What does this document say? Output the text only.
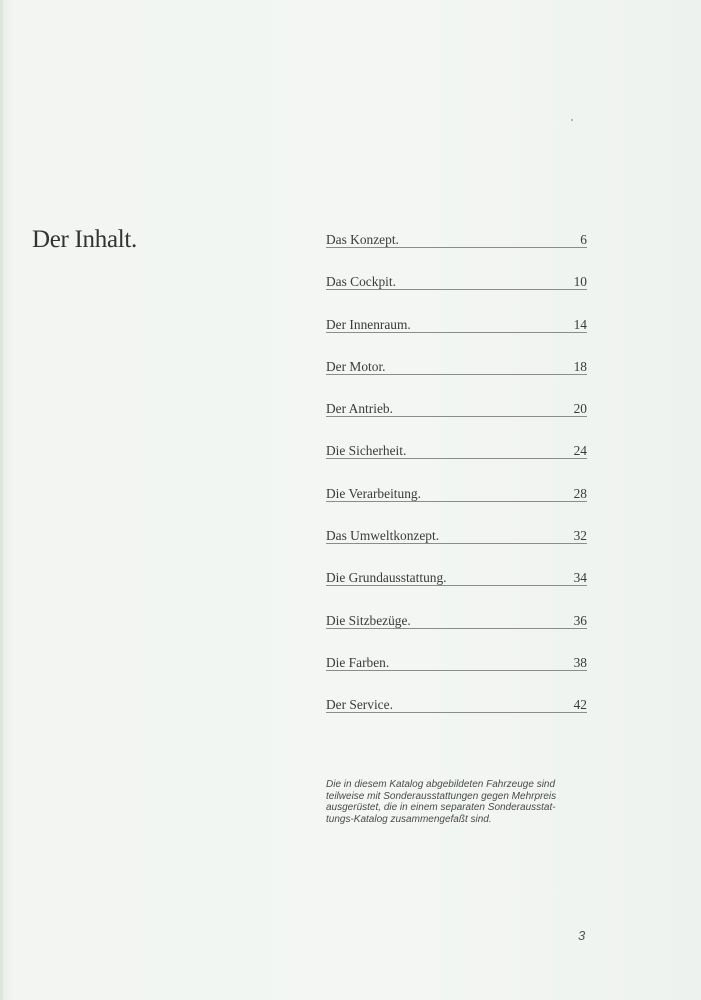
Der Inhalt.	Das Konzept.	6
Das Cockpit.	10
Der Innenraum.	14
Der Motor.	18
Der Antrieb.	20
Die Sicherheit.	24
Die Verarbeitung.	28
Das Umweltkonzept.	32
Die Grundausstattung.	34
Die Sitzbezüge.	36
Die Farben.	38
Der Service.	42

Die in diesem Katalog abgebildeten Fahrzeuge sind
teilweise mit Sonderausstattungen gegen Mehrpreis
ausgerüstet, die in einem separaten Sonderausstat-
tungs-Katalog zusammengefaßt sind.

3
